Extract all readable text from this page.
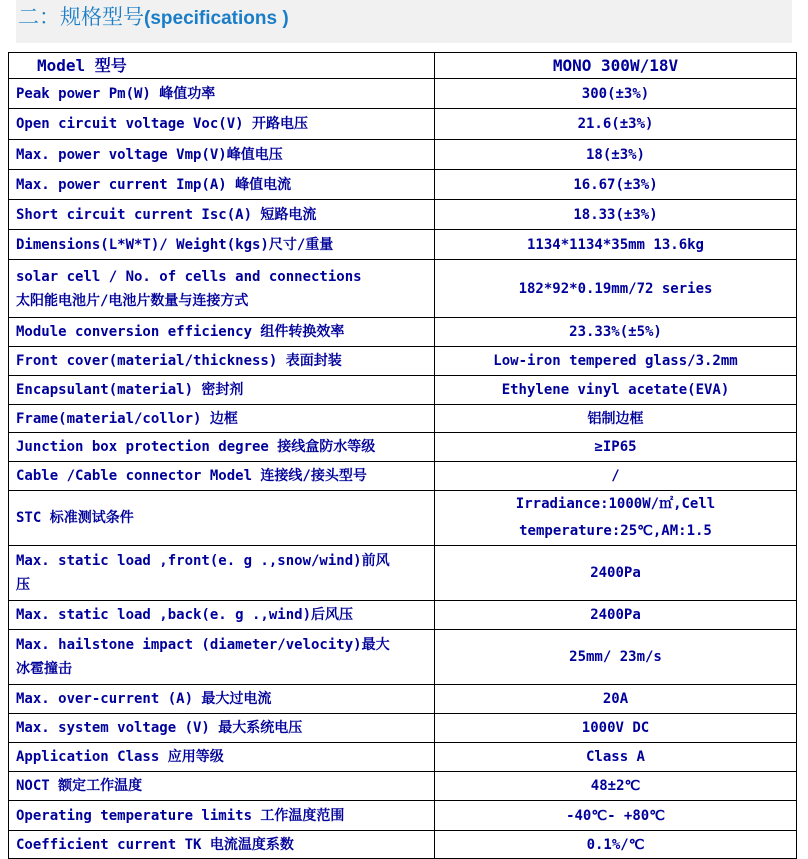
二：规格型号(specifications )
Model 型号	MONO 300W/18V
Peak power Pm(W) 峰值功率	300(±3%)
Open circuit voltage Voc(V) 开路电压	21.6(±3%)
Max. power voltage Vmp(V)峰值电压	18(±3%)
Max. power current Imp(A) 峰值电流	16.67(±3%)
Short circuit current Isc(A) 短路电流	18.33(±3%)
Dimensions(L*W*T)/ Weight(kgs)尺寸/重量	1134*1134*35mm 13.6kg
solar cell / No. of cells and connections
太阳能电池片/电池片数量与连接方式	182*92*0.19mm/72 series
Module conversion efficiency 组件转换效率	23.33%(±5%)
Front cover(material/thickness) 表面封装	Low-iron tempered glass/3.2mm
Encapsulant(material) 密封剂	Ethylene vinyl acetate(EVA)
Frame(material/collor) 边框	铝制边框
Junction box protection degree 接线盒防水等级	≥IP65
Cable /Cable connector Model 连接线/接头型号	/
STC 标准测试条件	Irradiance:1000W/㎡,Cell
temperature:25℃,AM:1.5
Max. static load ,front(e. g .,snow/wind)前风
压	2400Pa
Max. static load ,back(e. g .,wind)后风压	2400Pa
Max. hailstone impact (diameter/velocity)最大
冰雹撞击	25mm/ 23m/s
Max. over-current (A) 最大过电流	20A
Max. system voltage (V) 最大系统电压	1000V DC
Application Class 应用等级	Class A
NOCT 额定工作温度	48±2℃
Operating temperature limits 工作温度范围	-40℃- +80℃
Coefficient current TK 电流温度系数	0.1%/℃
